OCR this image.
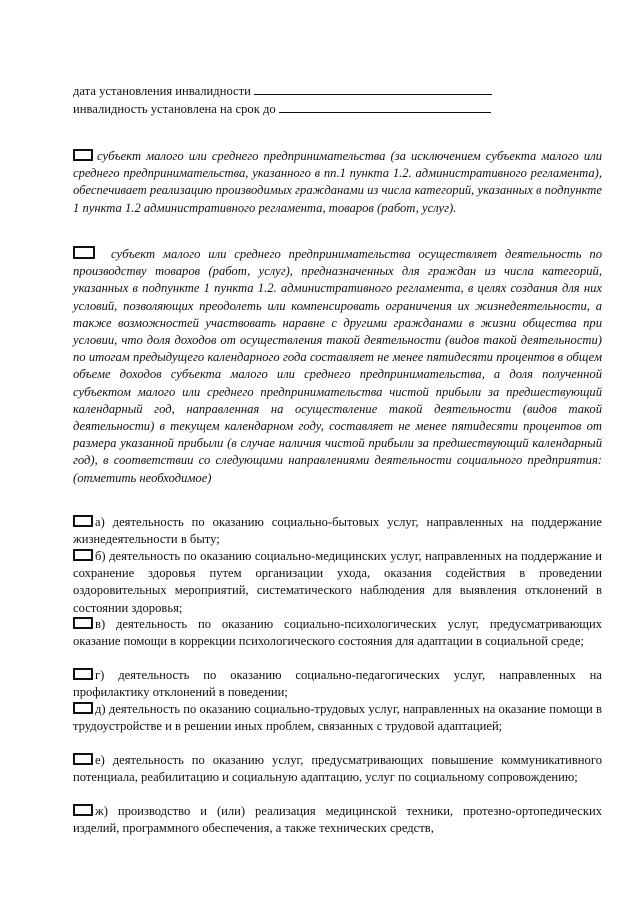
дата установления инвалидности
инвалидность установлена на срок до
субъект малого или среднего предпринимательства (за исключением субъекта малого или среднего предпринимательства, указанного в пп.1 пункта 1.2. административного регламента), обеспечивает реализацию производимых гражданами из числа категорий, указанных в подпункте 1 пункта 1.2 административного регламента, товаров (работ, услуг).
субъект малого или среднего предпринимательства осуществляет деятельность по производству товаров (работ, услуг), предназначенных для граждан из числа категорий, указанных в подпункте 1 пункта 1.2. административного регламента, в целях создания для них условий, позволяющих преодолеть или компенсировать ограничения их жизнедеятельности, а также возможностей участвовать наравне с другими гражданами в жизни общества при условии, что доля доходов от осуществления такой деятельности (видов такой деятельности) по итогам предыдущего календарного года составляет не менее пятидесяти процентов в общем объеме доходов субъекта малого или среднего предпринимательства, а доля полученной субъектом малого или среднего предпринимательства чистой прибыли за предшествующий календарный год, направленная на осуществление такой деятельности (видов такой деятельности) в текущем календарном году, составляет не менее пятидесяти процентов от размера указанной прибыли (в случае наличия чистой прибыли за предшествующий календарный год), в соответствии со следующими направлениями деятельности социального предприятия: (отметить необходимое)
а) деятельность по оказанию социально-бытовых услуг, направленных на поддержание жизнедеятельности в быту;
б) деятельность по оказанию социально-медицинских услуг, направленных на поддержание и сохранение здоровья путем организации ухода, оказания содействия в проведении оздоровительных мероприятий, систематического наблюдения для выявления отклонений в состоянии здоровья;
в) деятельность по оказанию социально-психологических услуг, предусматривающих оказание помощи в коррекции психологического состояния для адаптации в социальной среде;
г) деятельность по оказанию социально-педагогических услуг, направленных на профилактику отклонений в поведении;
д) деятельность по оказанию социально-трудовых услуг, направленных на оказание помощи в трудоустройстве и в решении иных проблем, связанных с трудовой адаптацией;
е) деятельность по оказанию услуг, предусматривающих повышение коммуникативного потенциала, реабилитацию и социальную адаптацию, услуг по социальному сопровождению;
ж) производство и (или) реализация медицинской техники, протезно-ортопедических изделий, программного обеспечения, а также технических средств,
